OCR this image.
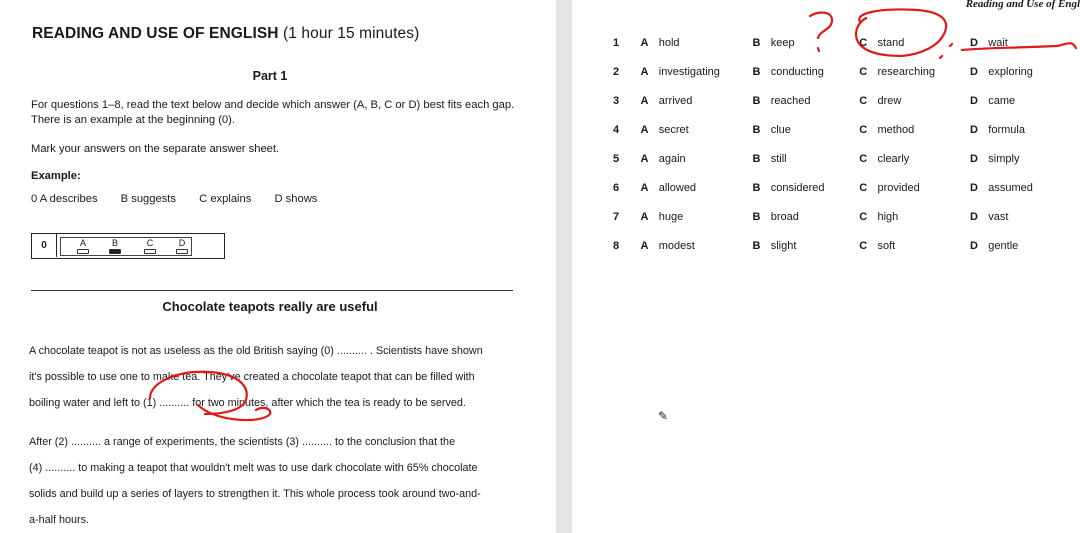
READING AND USE OF ENGLISH (1 hour 15 minutes)
Part 1
For questions 1–8, read the text below and decide which answer (A, B, C or D) best fits each gap. There is an example at the beginning (0).
Mark your answers on the separate answer sheet.
Example:
0 A describes B suggests C explains D shows
0	A	B	C	D
Chocolate teapots really are useful
A chocolate teapot is not as useless as the old British saying (0) .......... . Scientists have shown
it's possible to use one to make tea. They've created a chocolate teapot that can be filled with
boiling water and left to (1) .......... for two minutes, after which the tea is ready to be served.
After (2) .......... a range of experiments, the scientists (3) .......... to the conclusion that the
(4) .......... to making a teapot that wouldn't melt was to use dark chocolate with 65% chocolate
solids and build up a series of layers to strengthen it. This whole process took around two-and-
a-half hours.
Reading and Use of Engl
1	A	hold	B	keep	C	stand	D	wait
2	A	investigating	B	conducting	C	researching	D	exploring
3	A	arrived	B	reached	C	drew	D	came
4	A	secret	B	clue	C	method	D	formula
5	A	again	B	still	C	clearly	D	simply
6	A	allowed	B	considered	C	provided	D	assumed
7	A	huge	B	broad	C	high	D	vast
8	A	modest	B	slight	C	soft	D	gentle
✎
